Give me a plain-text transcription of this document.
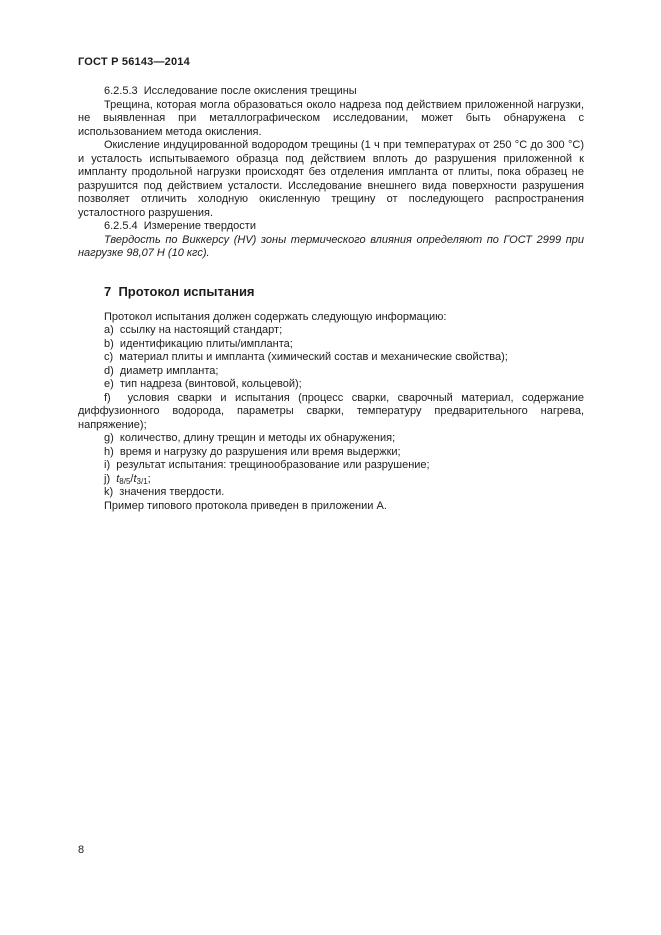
ГОСТ Р 56143—2014

6.2.5.3  Исследование после окисления трещины

Трещина, которая могла образоваться около надреза под действием приложенной нагрузки, не выявленная при металлографическом исследовании, может быть обнаружена с использованием метода окисления.

Окисление индуцированной водородом трещины (1 ч при температурах от 250 °С до 300 °С) и усталость испытываемого образца под действием вплоть до разрушения приложенной к импланту продольной нагрузки происходят без отделения импланта от плиты, пока образец не разрушится под действием усталости. Исследование внешнего вида поверхности разрушения позволяет отличить холодную окисленную трещину от последующего распространения усталостного разрушения.

6.2.5.4  Измерение твердости

Твердость по Виккерсу (HV) зоны термического влияния определяют по ГОСТ 2999 при нагрузке 98,07 Н (10 кгс).

7  Протокол испытания

Протокол испытания должен содержать следующую информацию:

a)  ссылку на настоящий стандарт;

b)  идентификацию плиты/импланта;

c)  материал плиты и импланта (химический состав и механические свойства);

d)  диаметр импланта;

e)  тип надреза (винтовой, кольцевой);

f)  условия сварки и испытания (процесс сварки, сварочный материал, содержание диффузионного водорода, параметры сварки, температуру предварительного нагрева, напряжение);

g)  количество, длину трещин и методы их обнаружения;

h)  время и нагрузку до разрушения или время выдержки;

i)  результат испытания: трещинообразование или разрушение;

j)  $t_{8/5}/t_{3/1}$;

k)  значения твердости.

Пример типового протокола приведен в приложении А.

8
